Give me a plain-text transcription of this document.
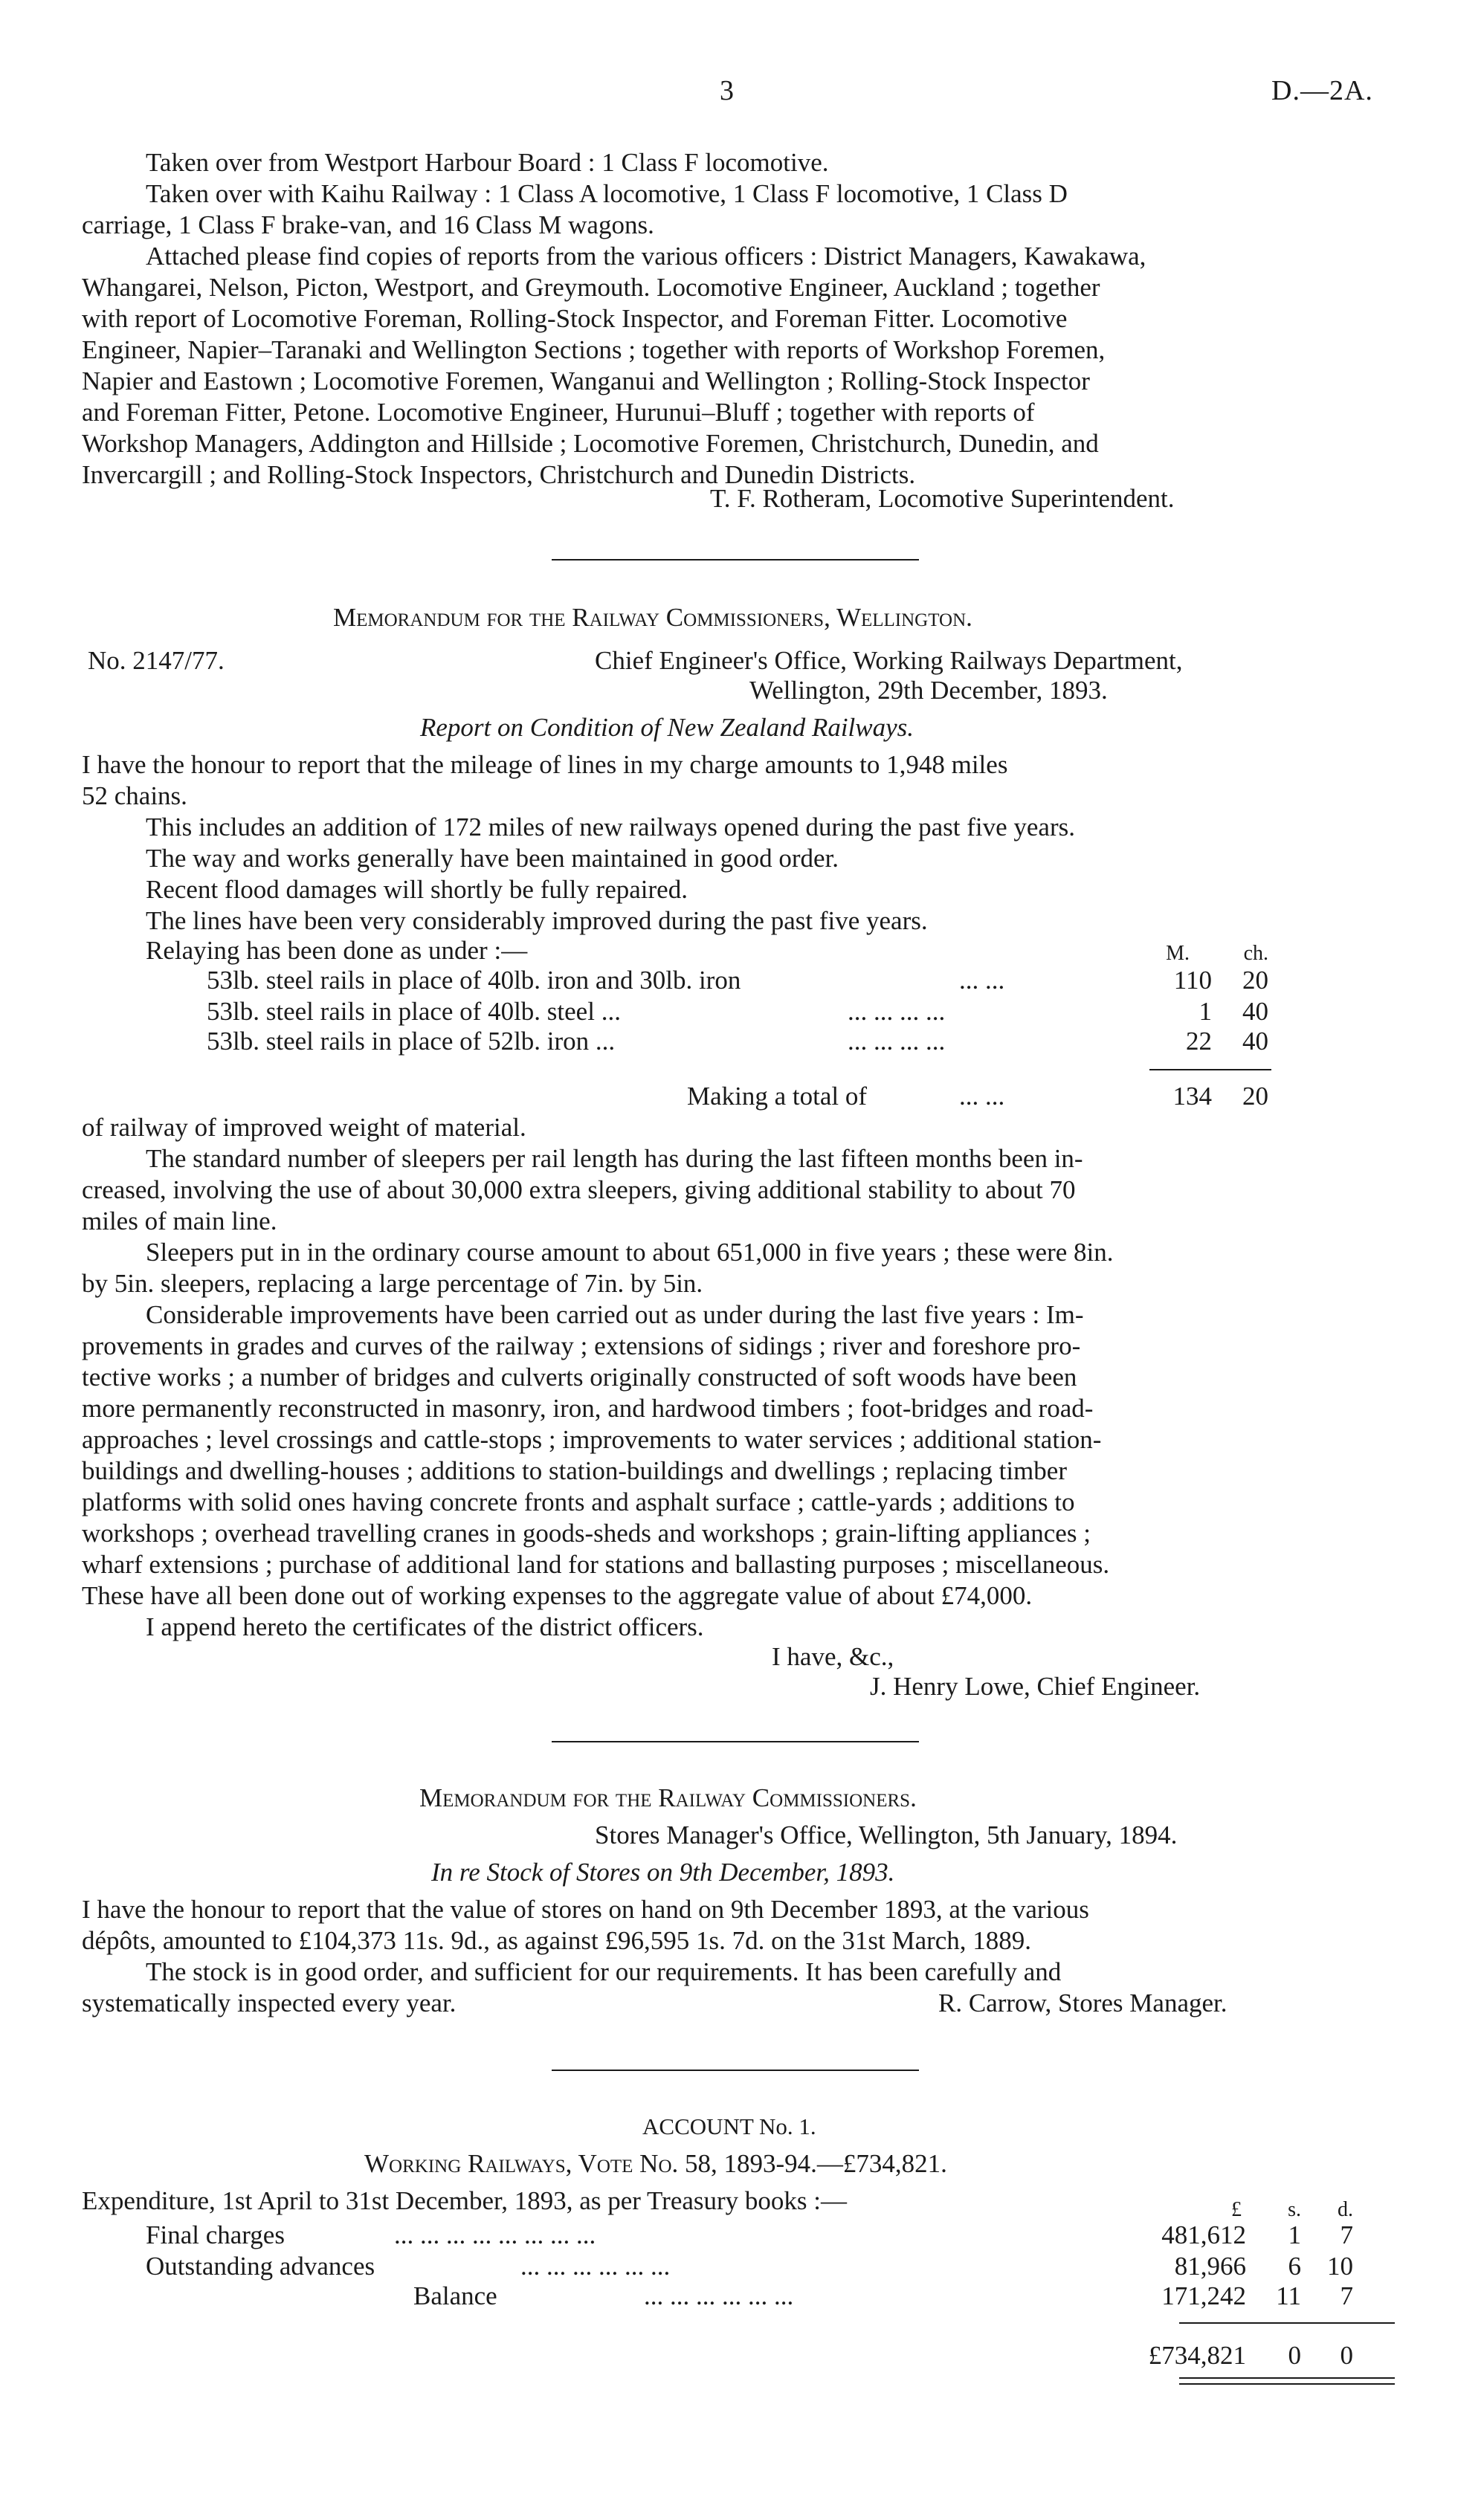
3	D.—2A.
Taken over from Westport Harbour Board : 1 Class F locomotive.
Taken over with Kaihu Railway : 1 Class A locomotive, 1 Class F locomotive, 1 Class D
carriage, 1 Class F brake-van, and 16 Class M wagons.
Attached please find copies of reports from the various officers : District Managers, Kawakawa,
Whangarei, Nelson, Picton, Westport, and Greymouth. Locomotive Engineer, Auckland ; together
with report of Locomotive Foreman, Rolling-Stock Inspector, and Foreman Fitter. Locomotive
Engineer, Napier–Taranaki and Wellington Sections ; together with reports of Workshop Foremen,
Napier and Eastown ; Locomotive Foremen, Wanganui and Wellington ; Rolling-Stock Inspector
and Foreman Fitter, Petone. Locomotive Engineer, Hurunui–Bluff ; together with reports of
Workshop Managers, Addington and Hillside ; Locomotive Foremen, Christchurch, Dunedin, and
Invercargill ; and Rolling-Stock Inspectors, Christchurch and Dunedin Districts.
T. F. Rotheram, Locomotive Superintendent.
Memorandum for the Railway Commissioners, Wellington.
No. 2147/77.	Chief Engineer's Office, Working Railways Department,
Wellington, 29th December, 1893.
Report on Condition of New Zealand Railways.
I have the honour to report that the mileage of lines in my charge amounts to 1,948 miles
52 chains.
This includes an addition of 172 miles of new railways opened during the past five years.
The way and works generally have been maintained in good order.
Recent flood damages will shortly be fully repaired.
The lines have been very considerably improved during the past five years.
Relaying has been done as under :—	M.	ch.
53lb. steel rails in place of 40lb. iron and 30lb. iron	... ...	110	20
53lb. steel rails in place of 40lb. steel ...	... ... ... ...	1	40
53lb. steel rails in place of 52lb. iron ...	... ... ... ...	22	40
Making a total of	... ...	134	20
of railway of improved weight of material.
The standard number of sleepers per rail length has during the last fifteen months been in-
creased, involving the use of about 30,000 extra sleepers, giving additional stability to about 70
miles of main line.
Sleepers put in in the ordinary course amount to about 651,000 in five years ; these were 8in.
by 5in. sleepers, replacing a large percentage of 7in. by 5in.
Considerable improvements have been carried out as under during the last five years : Im-
provements in grades and curves of the railway ; extensions of sidings ; river and foreshore pro-
tective works ; a number of bridges and culverts originally constructed of soft woods have been
more permanently reconstructed in masonry, iron, and hardwood timbers ; foot-bridges and road-
approaches ; level crossings and cattle-stops ; improvements to water services ; additional station-
buildings and dwelling-houses ; additions to station-buildings and dwellings ; replacing timber
platforms with solid ones having concrete fronts and asphalt surface ; cattle-yards ; additions to
workshops ; overhead travelling cranes in goods-sheds and workshops ; grain-lifting appliances ;
wharf extensions ; purchase of additional land for stations and ballasting purposes ; miscellaneous.
These have all been done out of working expenses to the aggregate value of about £74,000.
I append hereto the certificates of the district officers.
I have, &c.,
J. Henry Lowe, Chief Engineer.
Memorandum for the Railway Commissioners.
Stores Manager's Office, Wellington, 5th January, 1894.
In re Stock of Stores on 9th December, 1893.
I have the honour to report that the value of stores on hand on 9th December 1893, at the various
dépôts, amounted to £104,373 11s. 9d., as against £96,595 1s. 7d. on the 31st March, 1889.
The stock is in good order, and sufficient for our requirements. It has been carefully and
systematically inspected every year.	R. Carrow, Stores Manager.
ACCOUNT No. 1.
Working Railways, Vote No. 58, 1893-94.—£734,821.
Expenditure, 1st April to 31st December, 1893, as per Treasury books :—	£	s.	d.
Final charges	... ... ... ... ... ... ... ...	481,612	1	7
Outstanding advances	... ... ... ... ... ...	81,966	6	10
Balance	... ... ... ... ... ...	171,242	11	7
£734,821	0	0
